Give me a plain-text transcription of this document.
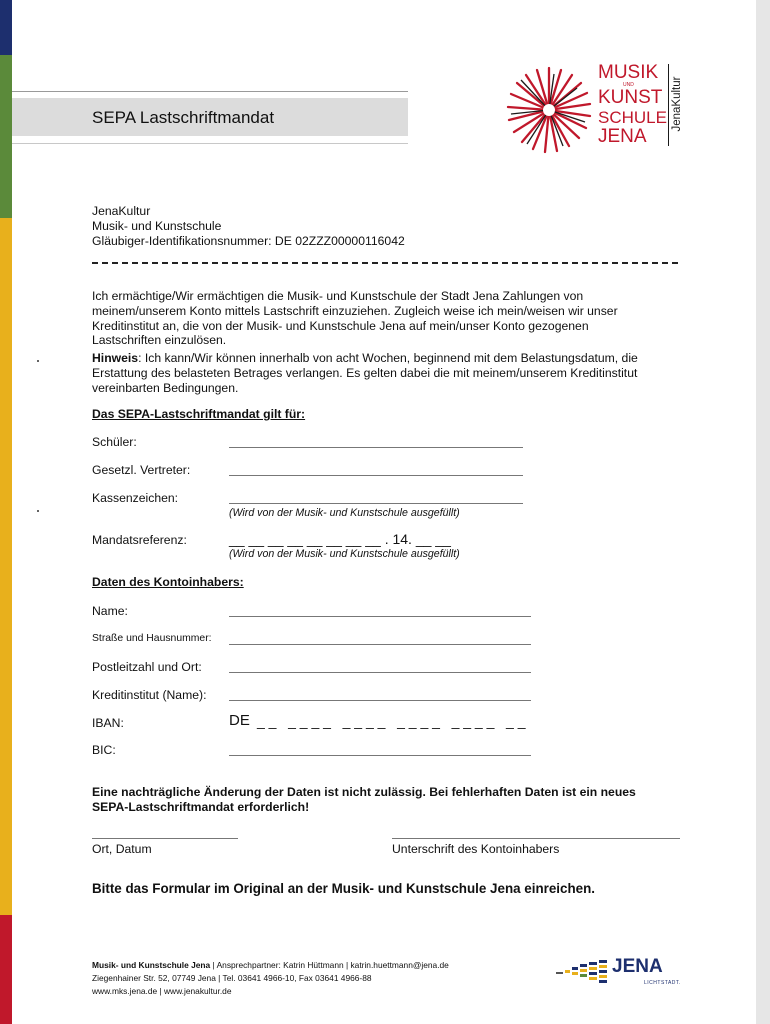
SEPA Lastschriftmandat
MUSIK
UND
KUNST
SCHULE
JENA
JenaKultur
JenaKultur
Musik- und Kunstschule
Gläubiger-Identifikationsnummer: DE 02ZZZ00000116042
Ich ermächtige/Wir ermächtigen die Musik- und Kunstschule der Stadt Jena Zahlungen von
meinem/unserem Konto mittels Lastschrift einzuziehen. Zugleich weise ich mein/weisen wir unser
Kreditinstitut an, die von der Musik- und Kunstschule Jena auf mein/unser Konto gezogenen
Lastschriften einzulösen.
Hinweis: Ich kann/Wir können innerhalb von acht Wochen, beginnend mit dem Belastungsdatum, die
Erstattung des belasteten Betrages verlangen. Es gelten dabei die mit meinem/unserem Kreditinstitut
vereinbarten Bedingungen.
Das SEPA-Lastschriftmandat gilt für:
Schüler:
Gesetzl. Vertreter:
Kassenzeichen:
(Wird von der Musik- und Kunstschule ausgefüllt)
Mandatsreferenz:	__ __ __ __ __ __ __ __ . 14. __ __
(Wird von der Musik- und Kunstschule ausgefüllt)
Daten des Kontoinhabers:
Name:
Straße und Hausnummer:
Postleitzahl und Ort:
Kreditinstitut (Name):
IBAN:	DE _ _   _ _ _ _   _ _ _ _   _ _ _ _   _ _ _ _   _ _
BIC:
Eine nachträgliche Änderung der Daten ist nicht zulässig. Bei fehlerhaften Daten ist ein neues
SEPA-Lastschriftmandat erforderlich!
Ort, Datum	Unterschrift des Kontoinhabers
Bitte das Formular im Original an der Musik- und Kunstschule Jena einreichen.
Musik- und Kunstschule Jena | Ansprechpartner: Katrin Hüttmann | katrin.huettmann@jena.de
Ziegenhainer Str. 52, 07749 Jena | Tel. 03641 4966-10, Fax 03641 4966-88
www.mks.jena.de | www.jenakultur.de
JENA
LICHTSTADT.
